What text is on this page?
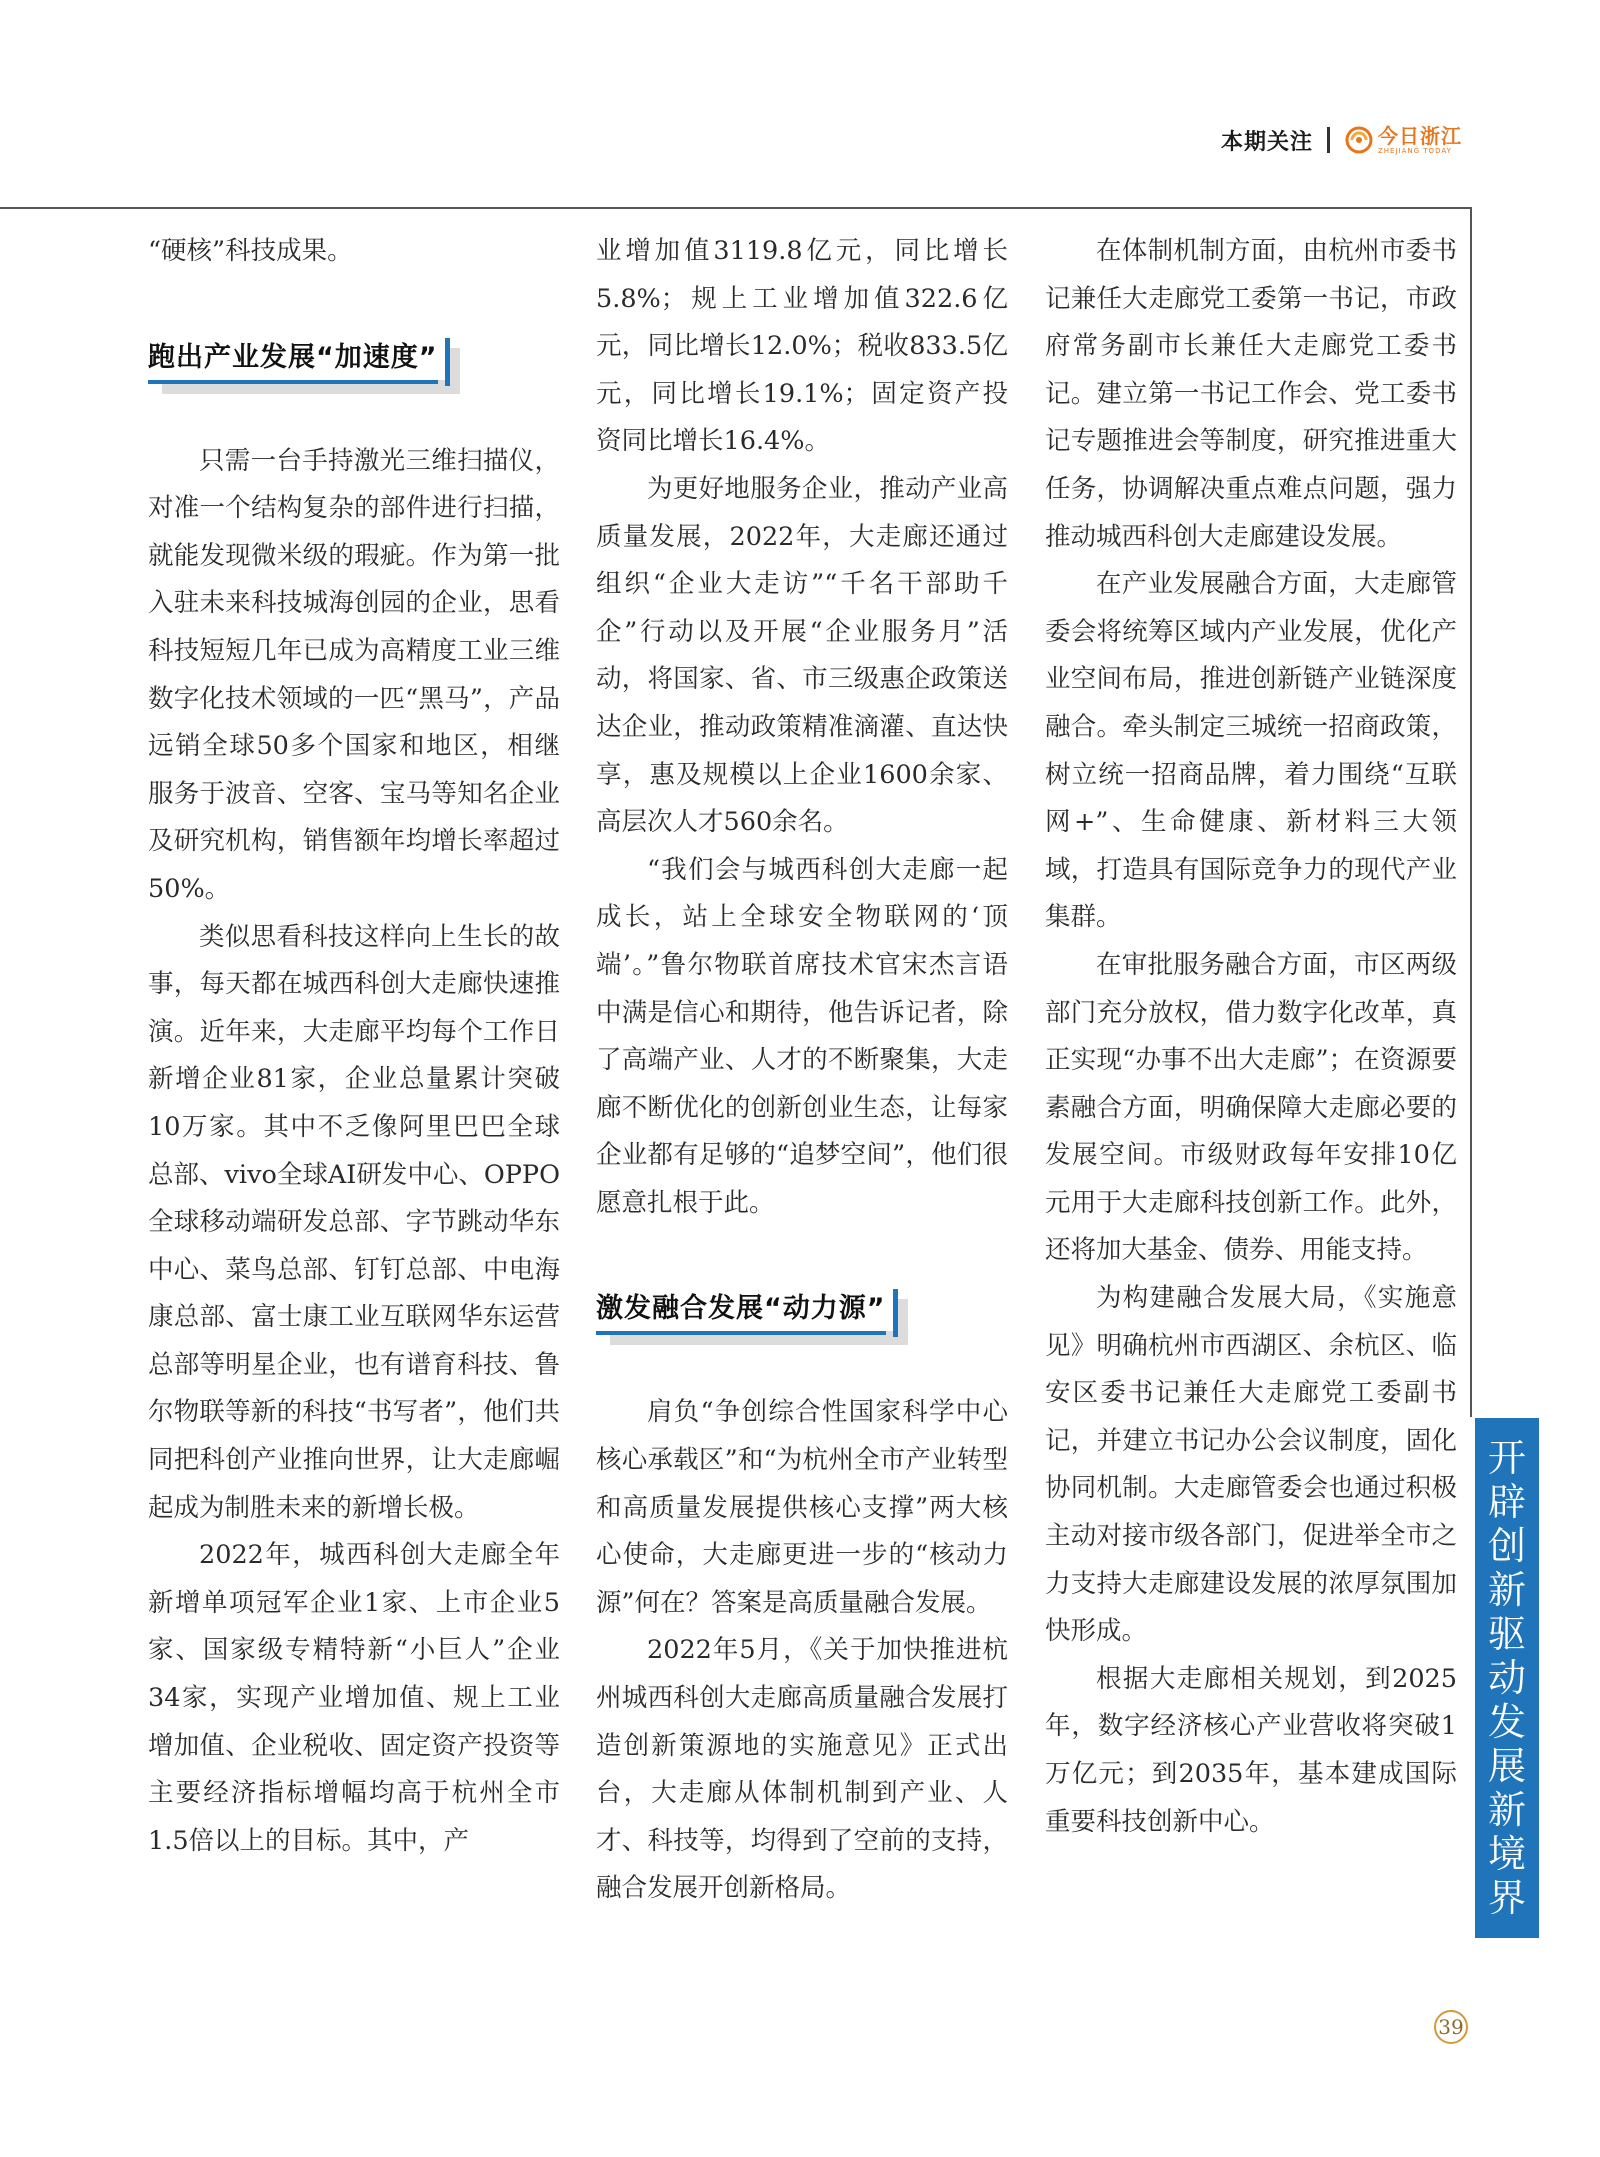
本期关注	今日浙江
ZHEJIANG TODAY

“硬核”科技成果。

跑出产业发展“加速度”

只需一台手持激光三维扫描仪，对准一个结构复杂的部件进行扫描，就能发现微米级的瑕疵。作为第一批入驻未来科技城海创园的企业，思看科技短短几年已成为高精度工业三维数字化技术领域的一匹“黑马”，产品远销全球50多个国家和地区，相继服务于波音、空客、宝马等知名企业及研究机构，销售额年均增长率超过50%。

类似思看科技这样向上生长的故事，每天都在城西科创大走廊快速推演。近年来，大走廊平均每个工作日新增企业81家，企业总量累计突破10万家。其中不乏像阿里巴巴全球总部、vivo全球AI研发中心、OPPO全球移动端研发总部、字节跳动华东中心、菜鸟总部、钉钉总部、中电海康总部、富士康工业互联网华东运营总部等明星企业，也有谱育科技、鲁尔物联等新的科技“书写者”，他们共同把科创产业推向世界，让大走廊崛起成为制胜未来的新增长极。

2022年，城西科创大走廊全年新增单项冠军企业1家、上市企业5家、国家级专精特新“小巨人”企业34家，实现产业增加值、规上工业增加值、企业税收、固定资产投资等主要经济指标增幅均高于杭州全市1.5倍以上的目标。其中，产

业增加值3119.8亿元，同比增长5.8%；规上工业增加值322.6亿元，同比增长12.0%；税收833.5亿元，同比增长19.1%；固定资产投资同比增长16.4%。

为更好地服务企业，推动产业高质量发展，2022年，大走廊还通过组织“企业大走访”“千名干部助千企”行动以及开展“企业服务月”活动，将国家、省、市三级惠企政策送达企业，推动政策精准滴灌、直达快享，惠及规模以上企业1600余家、高层次人才560余名。

“我们会与城西科创大走廊一起成长，站上全球安全物联网的‘顶端’。”鲁尔物联首席技术官宋杰言语中满是信心和期待，他告诉记者，除了高端产业、人才的不断聚集，大走廊不断优化的创新创业生态，让每家企业都有足够的“追梦空间”，他们很愿意扎根于此。

激发融合发展“动力源”

肩负“争创综合性国家科学中心核心承载区”和“为杭州全市产业转型和高质量发展提供核心支撑”两大核心使命，大走廊更进一步的“核动力源”何在？答案是高质量融合发展。

2022年5月，《关于加快推进杭州城西科创大走廊高质量融合发展打造创新策源地的实施意见》正式出台，大走廊从体制机制到产业、人才、科技等，均得到了空前的支持，融合发展开创新格局。

在体制机制方面，由杭州市委书记兼任大走廊党工委第一书记，市政府常务副市长兼任大走廊党工委书记。建立第一书记工作会、党工委书记专题推进会等制度，研究推进重大任务，协调解决重点难点问题，强力推动城西科创大走廊建设发展。

在产业发展融合方面，大走廊管委会将统筹区域内产业发展，优化产业空间布局，推进创新链产业链深度融合。牵头制定三城统一招商政策，树立统一招商品牌，着力围绕“互联网+”、生命健康、新材料三大领域，打造具有国际竞争力的现代产业集群。

在审批服务融合方面，市区两级部门充分放权，借力数字化改革，真正实现“办事不出大走廊”；在资源要素融合方面，明确保障大走廊必要的发展空间。市级财政每年安排10亿元用于大走廊科技创新工作。此外，还将加大基金、债券、用能支持。

为构建融合发展大局，《实施意见》明确杭州市西湖区、余杭区、临安区委书记兼任大走廊党工委副书记，并建立书记办公会议制度，固化协同机制。大走廊管委会也通过积极主动对接市级各部门，促进举全市之力支持大走廊建设发展的浓厚氛围加快形成。

根据大走廊相关规划，到2025年，数字经济核心产业营收将突破1万亿元；到2035年，基本建成国际重要科技创新中心。

开
辟
创
新
驱
动
发
展
新
境
界
39
